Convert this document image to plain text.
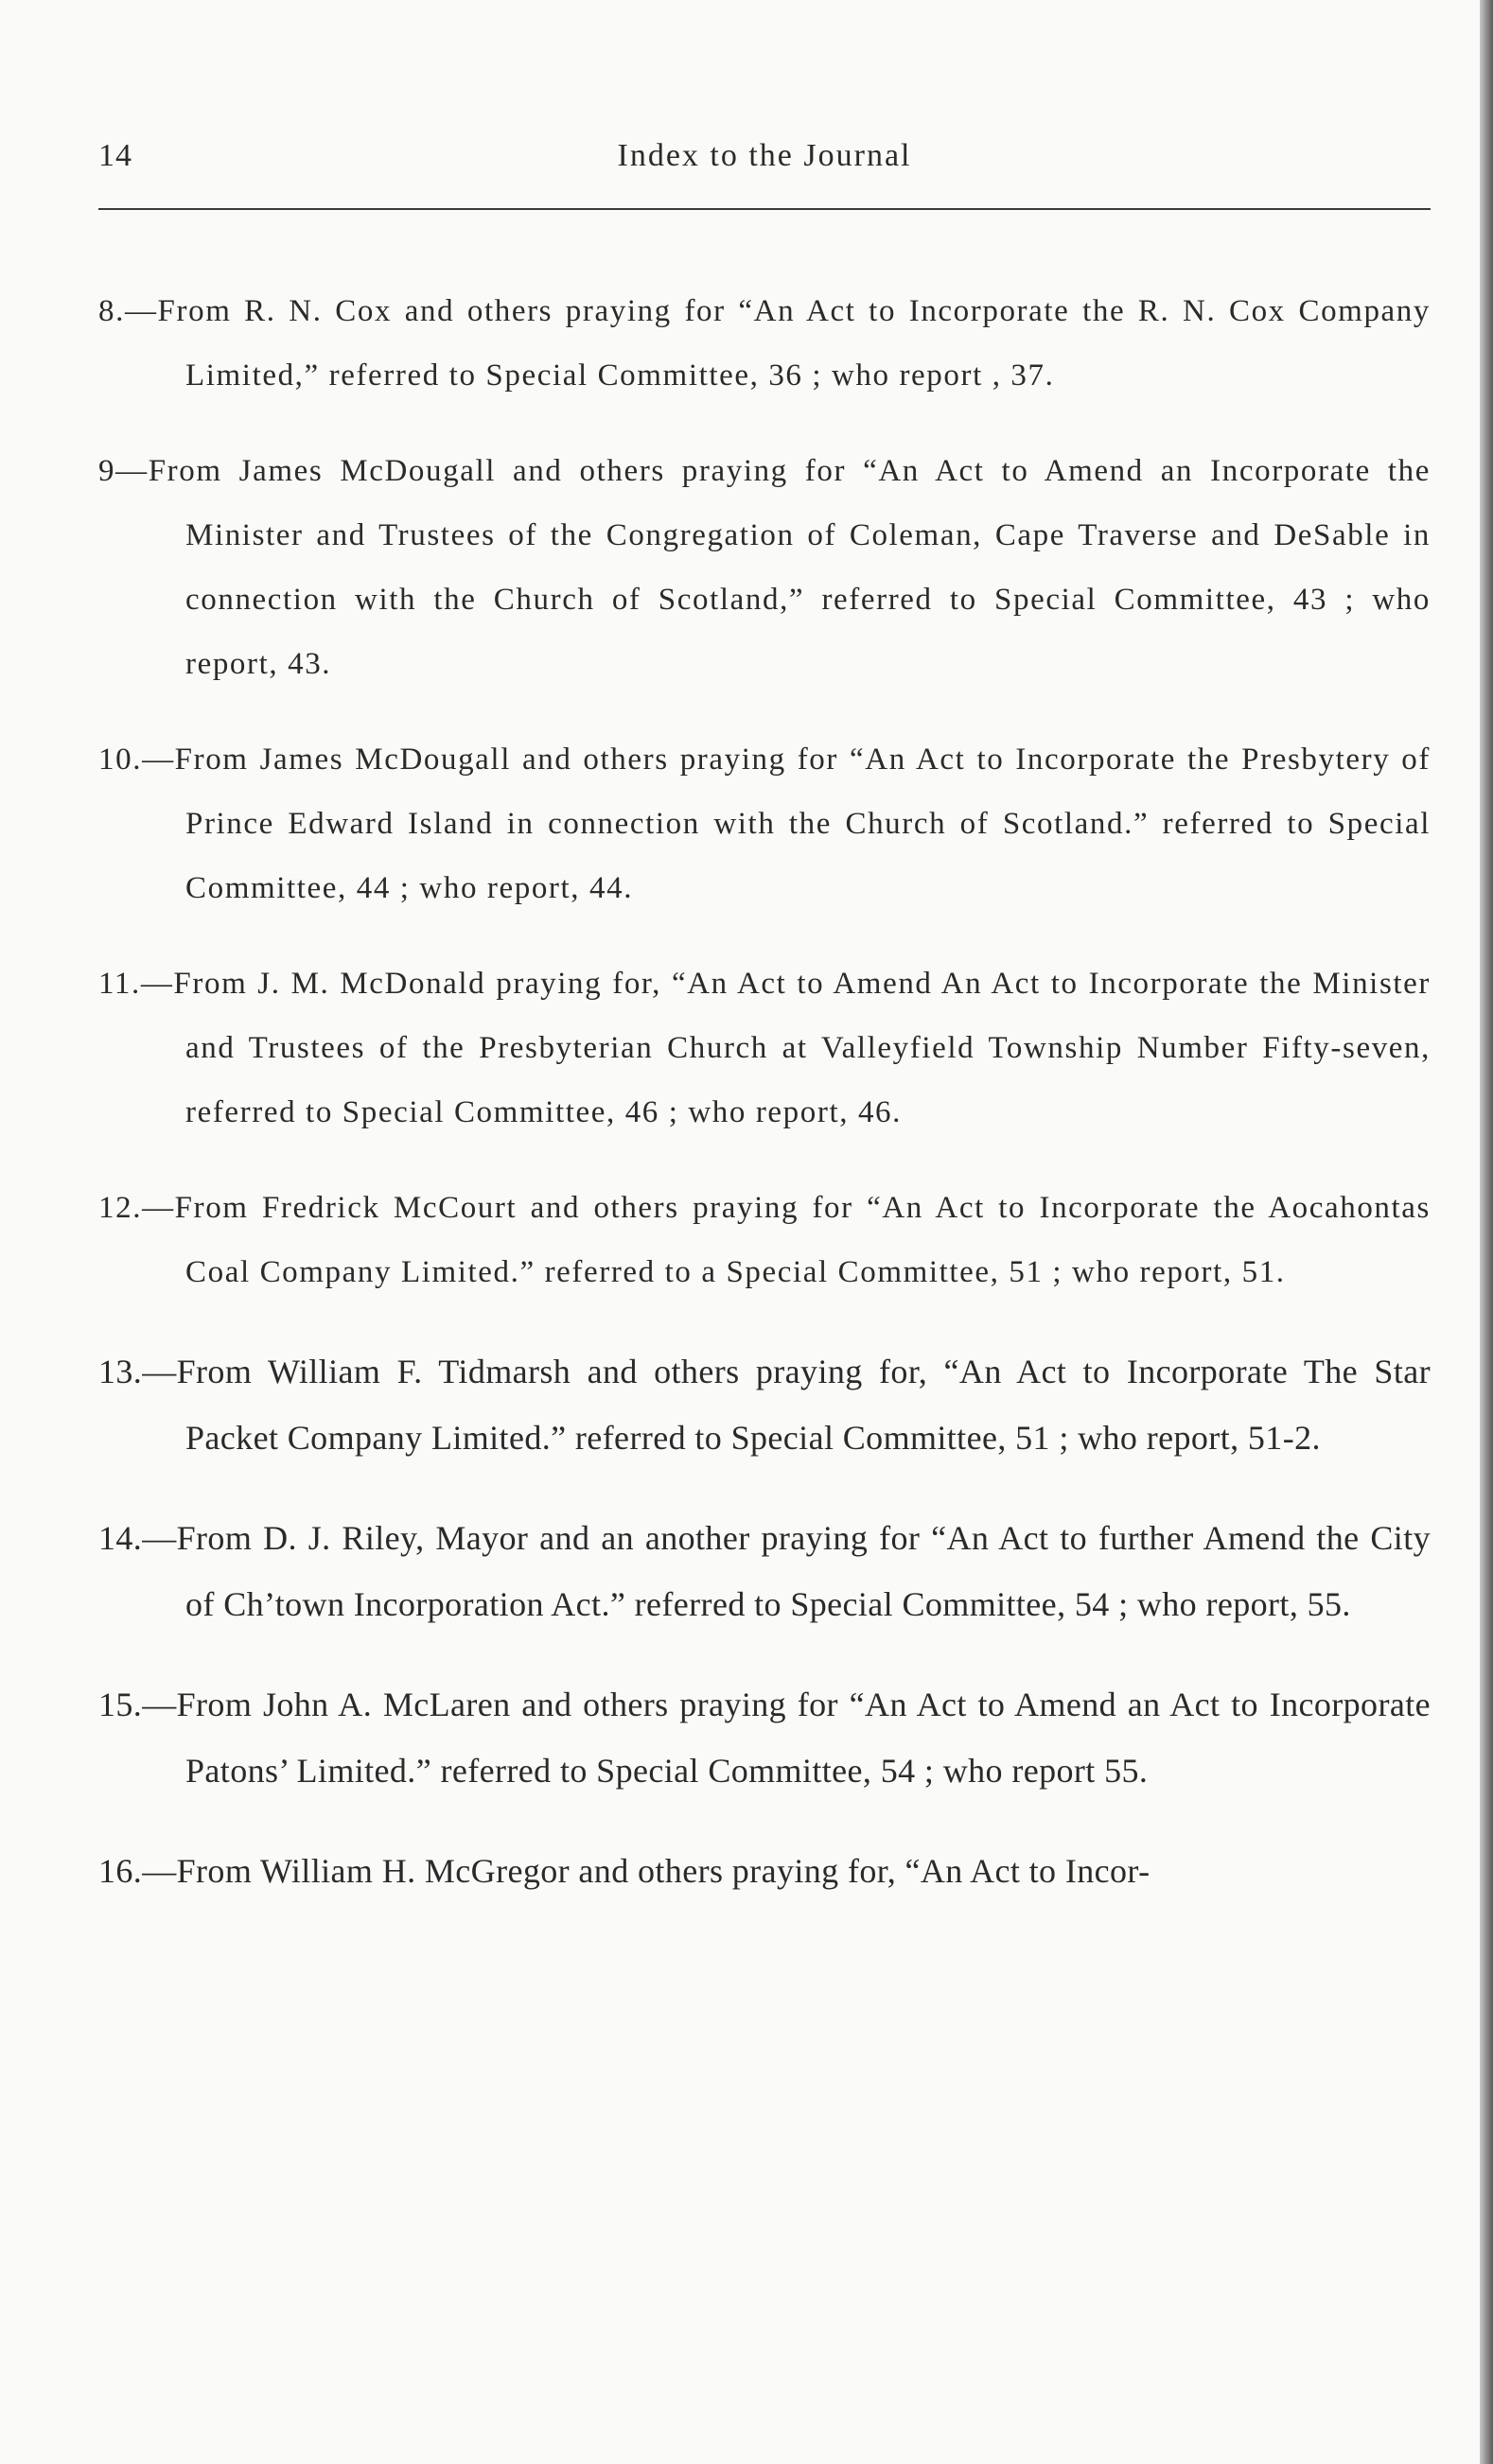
14	Index to the Journal

8.—From R. N. Cox and others praying for “An Act to Incorporate the R. N. Cox Company Limited,” referred to Special Committee, 36 ; who report , 37.

9—From James McDougall and others praying for “An Act to Amend an Incorporate the Minister and Trustees of the Congregation of Coleman, Cape Traverse and DeSable in connection with the Church of Scotland,” referred to Special Committee, 43 ; who report, 43.

10.—From James McDougall and others praying for “An Act to Incorporate the Presbytery of Prince Edward Island in connection with the Church of Scotland.” referred to Special Committee, 44 ; who report, 44.

11.—From J. M. McDonald praying for, “An Act to Amend An Act to Incorporate the Minister and Trustees of the Presbyterian Church at Valleyfield Township Number Fifty-seven, referred to Special Committee, 46 ; who report, 46.

12.—From Fredrick McCourt and others praying for “An Act to Incorporate the Aocahontas Coal Company Limited.” referred to a Special Committee, 51 ; who report, 51.

13.—From William F. Tidmarsh and others praying for, “An Act to Incorporate The Star Packet Company Limited.” referred to Special Committee, 51 ; who report, 51-2.

14.—From D. J. Riley, Mayor and an another praying for “An Act to further Amend the City of Ch’town Incorporation Act.” referred to Special Committee, 54 ; who report, 55.

15.—From John A. McLaren and others praying for “An Act to Amend an Act to Incorporate Patons’ Limited.” referred to Special Committee, 54 ; who report 55.

16.—From William H. McGregor and others praying for, “An Act to Incor-
